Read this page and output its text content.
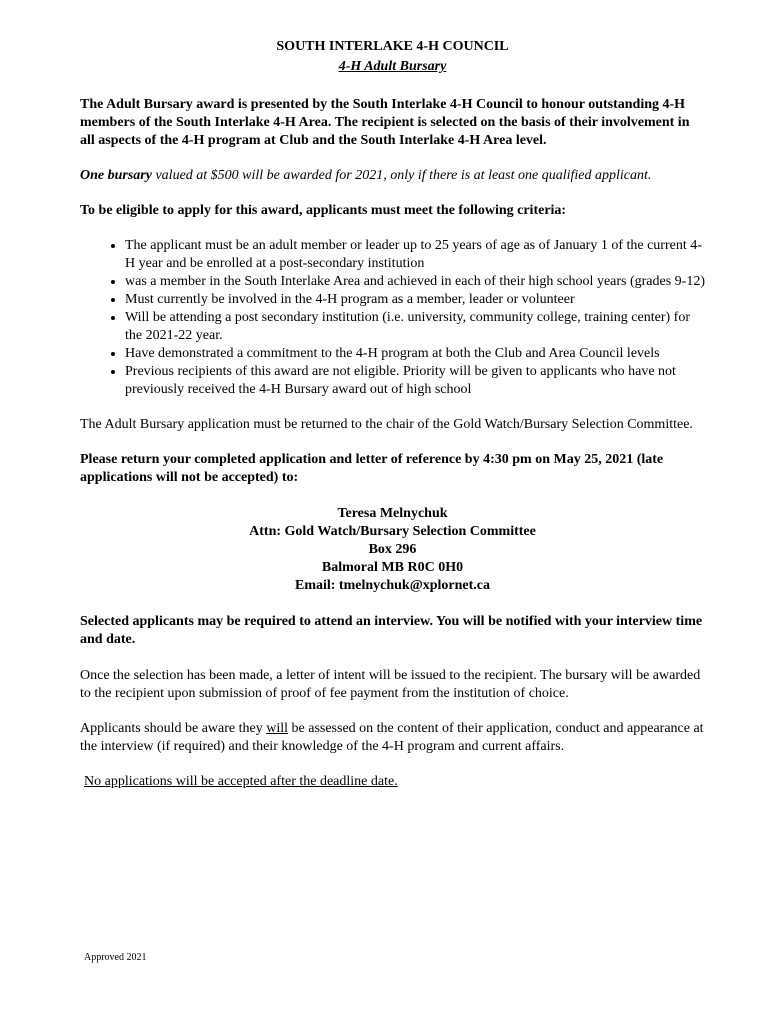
SOUTH INTERLAKE 4-H COUNCIL

4-H Adult Bursary

The Adult Bursary award is presented by the South Interlake 4-H Council to honour outstanding 4-H members of the South Interlake 4-H Area. The recipient is selected on the basis of their involvement in all aspects of the 4-H program at Club and the South Interlake 4-H Area level.

One bursary valued at $500 will be awarded for 2021, only if there is at least one qualified applicant.

To be eligible to apply for this award, applicants must meet the following criteria:

• The applicant must be an adult member or leader up to 25 years of age as of January 1 of the current 4-H year and be enrolled at a post-secondary institution
• was a member in the South Interlake Area and achieved in each of their high school years (grades 9-12)
• Must currently be involved in the 4-H program as a member, leader or volunteer
• Will be attending a post secondary institution (i.e. university, community college, training center) for the 2021-22 year.
• Have demonstrated a commitment to the 4-H program at both the Club and Area Council levels
• Previous recipients of this award are not eligible. Priority will be given to applicants who have not previously received the 4-H Bursary award out of high school

The Adult Bursary application must be returned to the chair of the Gold Watch/Bursary Selection Committee.

Please return your completed application and letter of reference by 4:30 pm on May 25, 2021 (late applications will not be accepted) to:

Teresa Melnychuk

Attn: Gold Watch/Bursary Selection Committee

Box 296

Balmoral MB R0C 0H0

Email: tmelnychuk@xplornet.ca

Selected applicants may be required to attend an interview. You will be notified with your interview time and date.

Once the selection has been made, a letter of intent will be issued to the recipient. The bursary will be awarded to the recipient upon submission of proof of fee payment from the institution of choice.

Applicants should be aware they will be assessed on the content of their application, conduct and appearance at the interview (if required) and their knowledge of the 4-H program and current affairs.

No applications will be accepted after the deadline date.

Approved 2021
